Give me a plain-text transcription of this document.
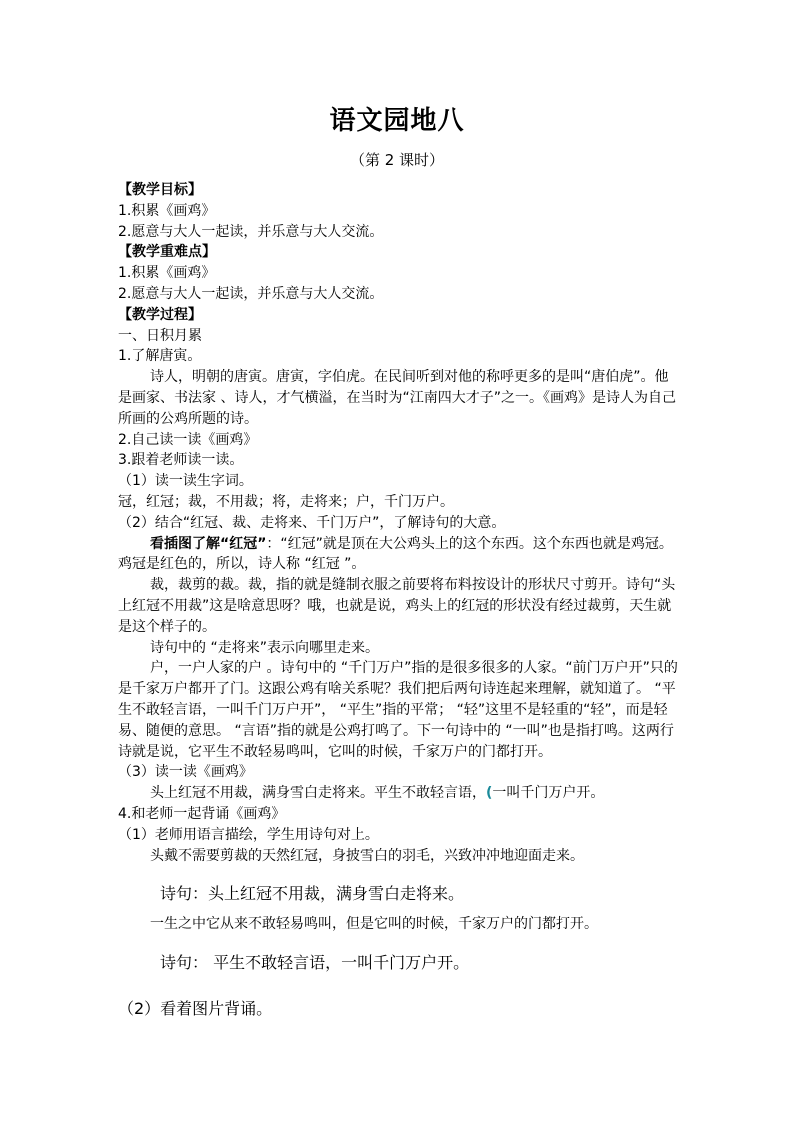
语文园地八
（第 2 课时）

【教学目标】

1.积累《画鸡》

2.愿意与大人一起读，并乐意与大人交流。

【教学重难点】

1.积累《画鸡》

2.愿意与大人一起读，并乐意与大人交流。

【教学过程】

一、日积月累

1.了解唐寅。

诗人，明朝的唐寅。唐寅，字伯虎。在民间听到对他的称呼更多的是叫“唐伯虎”。他是画家、书法家 、诗人，才气横溢，在当时为“江南四大才子”之一。《画鸡》是诗人为自己所画的公鸡所题的诗。

2.自己读一读《画鸡》

3.跟着老师读一读。

（1）读一读生字词。

冠，红冠；裁，不用裁；将，走将来；户，千门万户。

（2）结合“红冠、裁、走将来、千门万户”，了解诗句的大意。

看插图了解“红冠”：“红冠”就是顶在大公鸡头上的这个东西。这个东西也就是鸡冠。鸡冠是红色的，所以，诗人称 “红冠 ”。

裁，裁剪的裁。裁，指的就是缝制衣服之前要将布料按设计的形状尺寸剪开。诗句“头上红冠不用裁”这是啥意思呀？哦，也就是说，鸡头上的红冠的形状没有经过裁剪，天生就是这个样子的。

诗句中的 “走将来”表示向哪里走来。

户，一户人家的户 。诗句中的 “千门万户”指的是很多很多的人家。“前门万户开”只的是千家万户都开了门。这跟公鸡有啥关系呢？我们把后两句诗连起来理解，就知道了。 “平生不敢轻言语，一叫千门万户开”， “平生”指的平常； “轻”这里不是轻重的“轻”，而是轻易、随便的意思。 “言语”指的就是公鸡打鸣了。下一句诗中的 “一叫”也是指打鸣。这两行诗就是说，它平生不敢轻易鸣叫，它叫的时候，千家万户的门都打开。

（3）读一读《画鸡》

头上红冠不用裁，满身雪白走将来。平生不敢轻言语，(一叫千门万户开。

4.和老师一起背诵《画鸡》

（1）老师用语言描绘，学生用诗句对上。

头戴不需要剪裁的天然红冠，身披雪白的羽毛，兴致冲冲地迎面走来。

诗句：头上红冠不用裁，满身雪白走将来。

一生之中它从来不敢轻易鸣叫，但是它叫的时候，千家万户的门都打开。

诗句： 平生不敢轻言语，一叫千门万户开。

（2）看着图片背诵。
